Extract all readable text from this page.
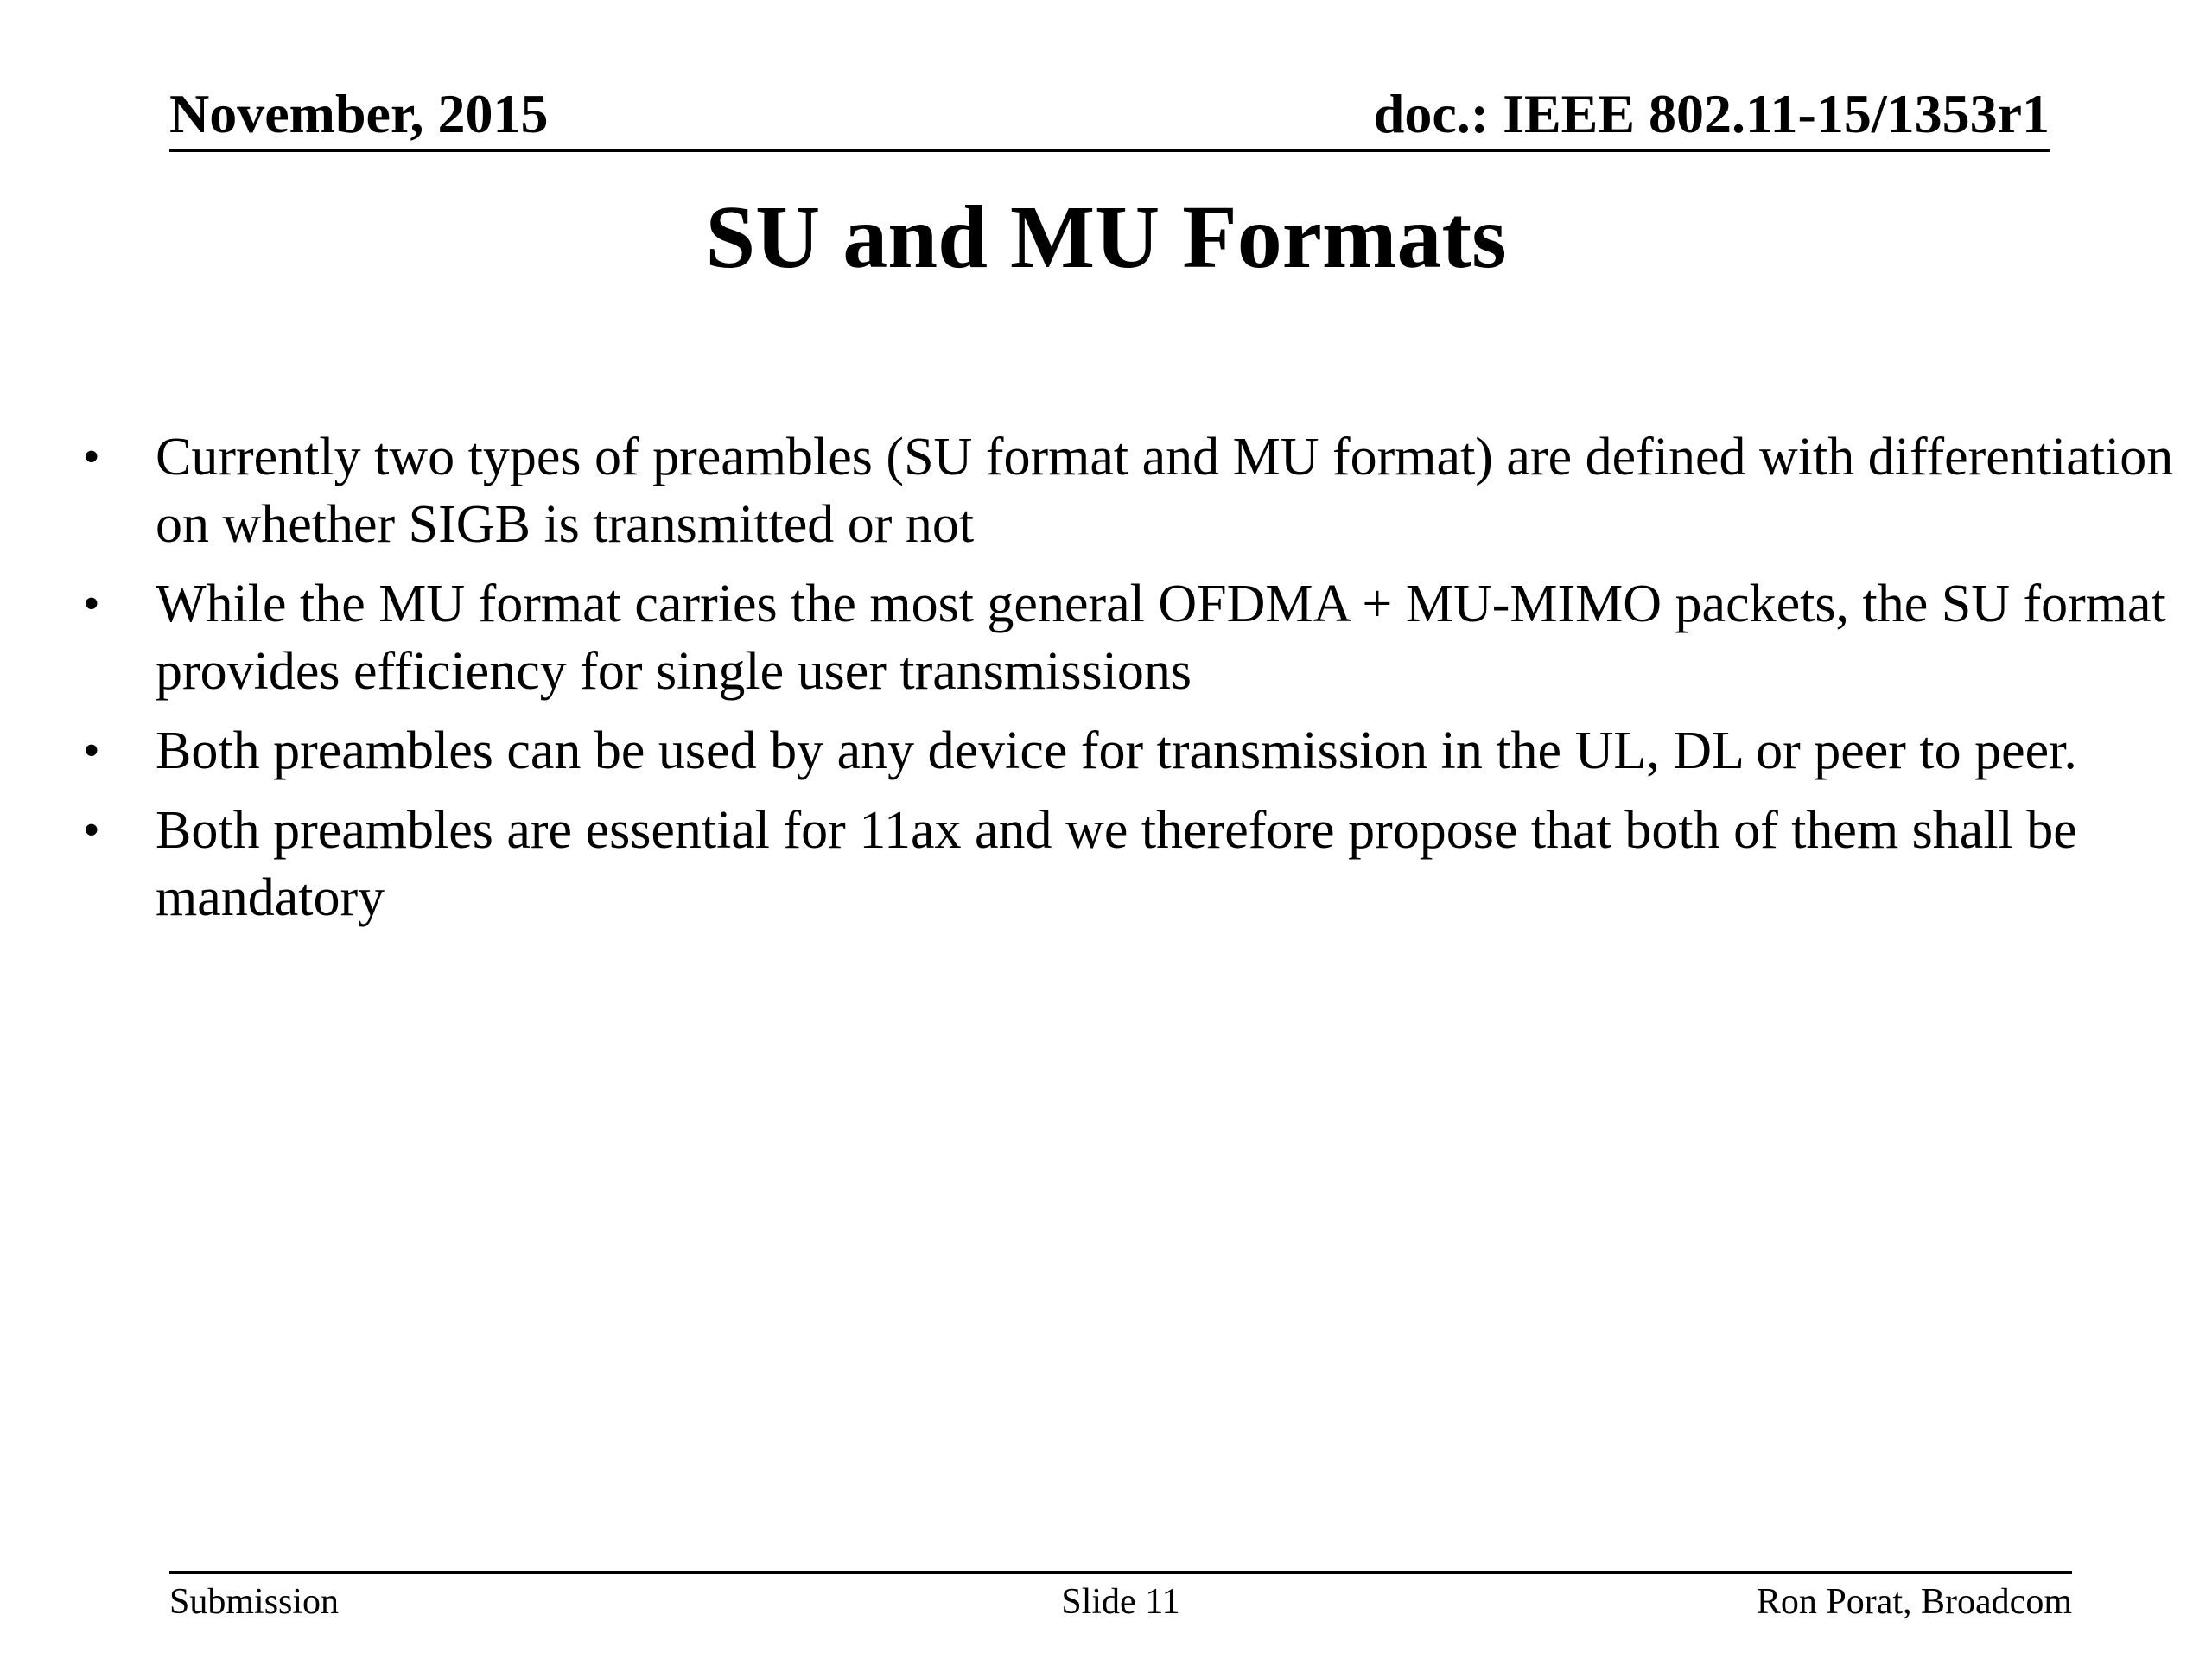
November, 2015	doc.: IEEE 802.11-15/1353r1
SU and MU Formats
• Currently two types of preambles (SU format and MU format) are defined with differentiation on whether SIGB is transmitted or not
• While the MU format carries the most general OFDMA + MU-MIMO packets, the SU format provides efficiency for single user transmissions
• Both preambles can be used by any device for transmission in the UL, DL or peer to peer.
• Both preambles are essential for 11ax and we therefore propose that both of them shall be mandatory
Slide 11
Submission	Ron Porat, Broadcom
